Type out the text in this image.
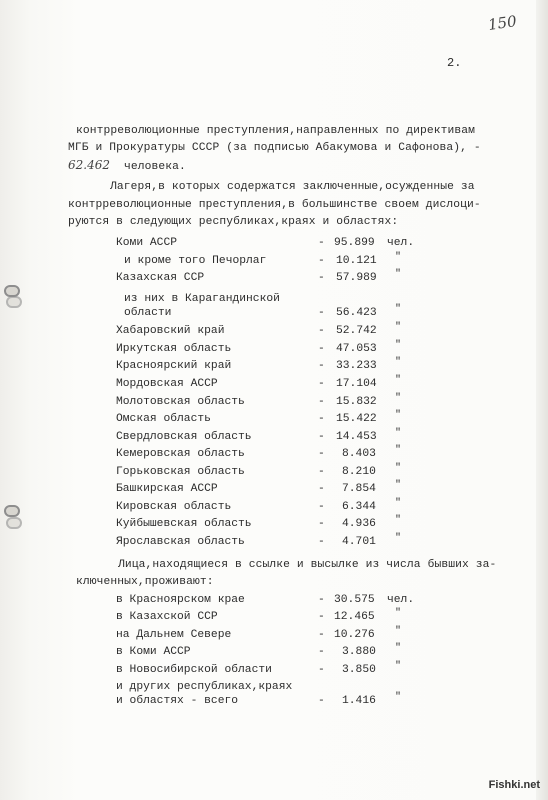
150
2.
контрреволюционные преступления,направленных по директивам
МГБ и Прокуратуры СССР (за подписью Абакумова и Сафонова), -
62.462 человека.
Лагеря,в которых содержатся заключенные,осужденные за
контрреволюционные преступления,в большинстве своем дислоци-
руются в следующих республиках,краях и областях:
Коми АССР	- 95.899 чел.
и кроме того Печорлаг	- 10.121 "
Казахская ССР	- 57.989 "
из них в Карагандинской
области	- 56.423 "
Хабаровский край	- 52.742 "
Иркутская область	- 47.053 "
Красноярский край	- 33.233 "
Мордовская АССР	- 17.104 "
Молотовская область	- 15.832 "
Омская область	- 15.422 "
Свердловская область	- 14.453 "
Кемеровская область	- 8.403 "
Горьковская область	- 8.210 "
Башкирская АССР	- 7.854 "
Кировская область	- 6.344 "
Куйбышевская область	- 4.936 "
Ярославская область	- 4.701 "
Лица,находящиеся в ссылке и высылке из числа бывших за-
ключенных,проживают:
в Красноярском крае	- 30.575 чел.
в Казахской ССР	- 12.465 "
на Дальнем Севере	- 10.276 "
в Коми АССР	- 3.880 "
в Новосибирской области	- 3.850 "
и других республиках,краях
и областях - всего	- 1.416 "
Fishki.net
